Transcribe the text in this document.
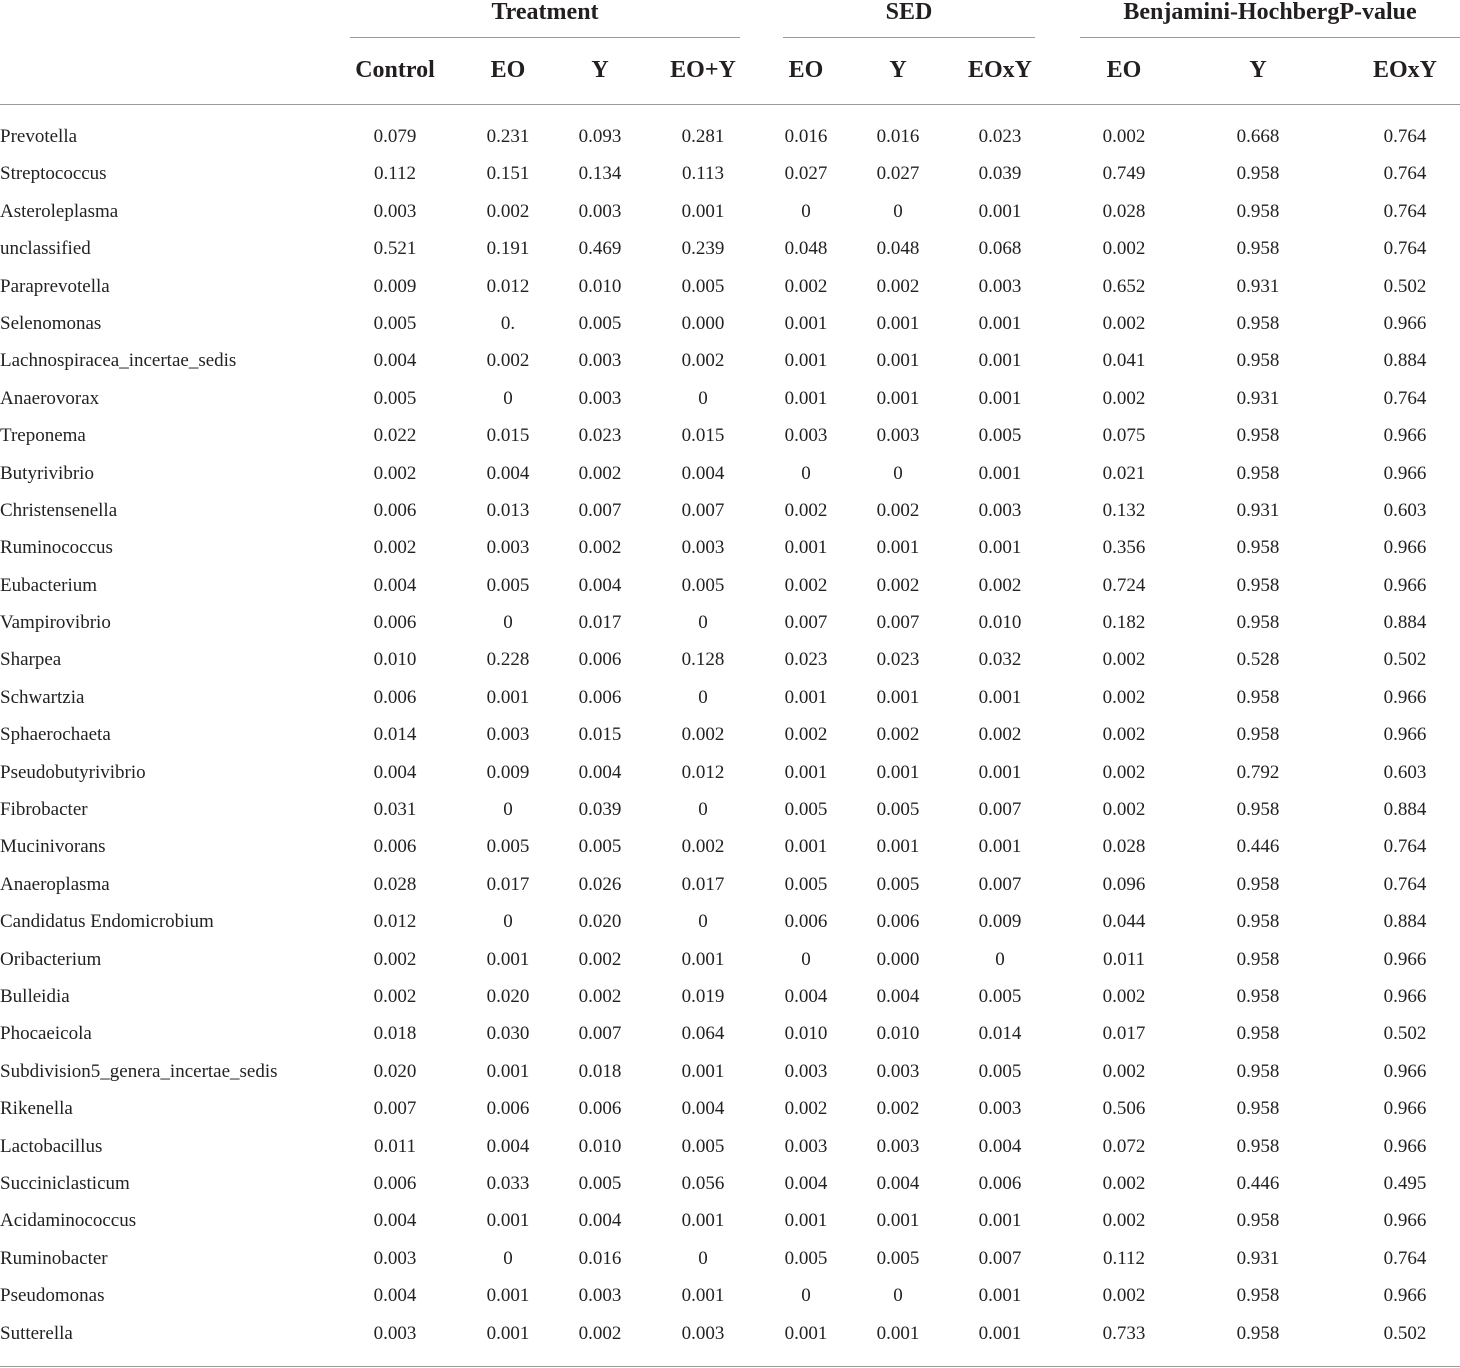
Treatment	SED	Benjamini-HochbergP-value
Control	EO	Y	EO+Y	EO	Y	EOxY	EO	Y	EOxY
Prevotella	0.079	0.231	0.093	0.281	0.016	0.016	0.023	0.002	0.668	0.764
Streptococcus	0.112	0.151	0.134	0.113	0.027	0.027	0.039	0.749	0.958	0.764
Asteroleplasma	0.003	0.002	0.003	0.001	0	0	0.001	0.028	0.958	0.764
unclassified	0.521	0.191	0.469	0.239	0.048	0.048	0.068	0.002	0.958	0.764
Paraprevotella	0.009	0.012	0.010	0.005	0.002	0.002	0.003	0.652	0.931	0.502
Selenomonas	0.005	0.	0.005	0.000	0.001	0.001	0.001	0.002	0.958	0.966
Lachnospiracea_incertae_sedis	0.004	0.002	0.003	0.002	0.001	0.001	0.001	0.041	0.958	0.884
Anaerovorax	0.005	0	0.003	0	0.001	0.001	0.001	0.002	0.931	0.764
Treponema	0.022	0.015	0.023	0.015	0.003	0.003	0.005	0.075	0.958	0.966
Butyrivibrio	0.002	0.004	0.002	0.004	0	0	0.001	0.021	0.958	0.966
Christensenella	0.006	0.013	0.007	0.007	0.002	0.002	0.003	0.132	0.931	0.603
Ruminococcus	0.002	0.003	0.002	0.003	0.001	0.001	0.001	0.356	0.958	0.966
Eubacterium	0.004	0.005	0.004	0.005	0.002	0.002	0.002	0.724	0.958	0.966
Vampirovibrio	0.006	0	0.017	0	0.007	0.007	0.010	0.182	0.958	0.884
Sharpea	0.010	0.228	0.006	0.128	0.023	0.023	0.032	0.002	0.528	0.502
Schwartzia	0.006	0.001	0.006	0	0.001	0.001	0.001	0.002	0.958	0.966
Sphaerochaeta	0.014	0.003	0.015	0.002	0.002	0.002	0.002	0.002	0.958	0.966
Pseudobutyrivibrio	0.004	0.009	0.004	0.012	0.001	0.001	0.001	0.002	0.792	0.603
Fibrobacter	0.031	0	0.039	0	0.005	0.005	0.007	0.002	0.958	0.884
Mucinivorans	0.006	0.005	0.005	0.002	0.001	0.001	0.001	0.028	0.446	0.764
Anaeroplasma	0.028	0.017	0.026	0.017	0.005	0.005	0.007	0.096	0.958	0.764
Candidatus Endomicrobium	0.012	0	0.020	0	0.006	0.006	0.009	0.044	0.958	0.884
Oribacterium	0.002	0.001	0.002	0.001	0	0.000	0	0.011	0.958	0.966
Bulleidia	0.002	0.020	0.002	0.019	0.004	0.004	0.005	0.002	0.958	0.966
Phocaeicola	0.018	0.030	0.007	0.064	0.010	0.010	0.014	0.017	0.958	0.502
Subdivision5_genera_incertae_sedis	0.020	0.001	0.018	0.001	0.003	0.003	0.005	0.002	0.958	0.966
Rikenella	0.007	0.006	0.006	0.004	0.002	0.002	0.003	0.506	0.958	0.966
Lactobacillus	0.011	0.004	0.010	0.005	0.003	0.003	0.004	0.072	0.958	0.966
Succiniclasticum	0.006	0.033	0.005	0.056	0.004	0.004	0.006	0.002	0.446	0.495
Acidaminococcus	0.004	0.001	0.004	0.001	0.001	0.001	0.001	0.002	0.958	0.966
Ruminobacter	0.003	0	0.016	0	0.005	0.005	0.007	0.112	0.931	0.764
Pseudomonas	0.004	0.001	0.003	0.001	0	0	0.001	0.002	0.958	0.966
Sutterella	0.003	0.001	0.002	0.003	0.001	0.001	0.001	0.733	0.958	0.502
